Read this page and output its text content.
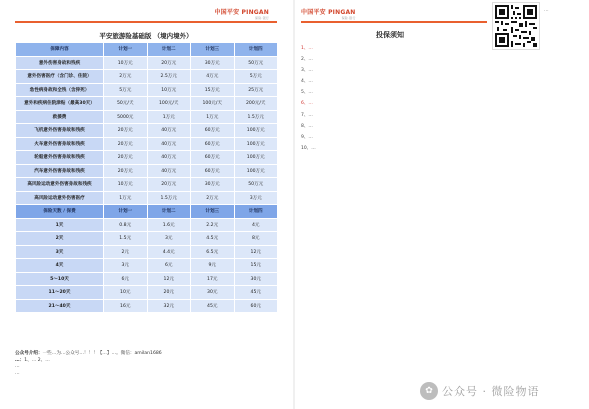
中国平安 PINGAN
保险·银行
平安旅游险基础版 （境内境外）
保障内容	计划一	计划二	计划三	计划四
意外伤害身故和残疾	10万元	20万元	30万元	50万元
意外伤害医疗（含门诊、住院）	2万元	2.5万元	4万元	5万元
急性病身故和全残（含猝死）	5万元	10万元	15万元	25万元
意外和疾病住院津贴（最高30天）	50元/天	100元/天	100元/天	200元/天
救援费	5000元	1万元	1万元	1.5万元
飞机意外伤害身故和残疾	20万元	40万元	60万元	100万元
火车意外伤害身故和残疾	20万元	40万元	60万元	100万元
轮船意外伤害身故和残疾	20万元	40万元	60万元	100万元
汽车意外伤害身故和残疾	20万元	40万元	60万元	100万元
高风险运动意外伤害身故和残疾	10万元	20万元	30万元	50万元
高风险运动意外伤害医疗	1万元	1.5万元	2万元	3万元
保险天数 / 保费	计划一	计划二	计划三	计划四
1天	0.8元	1.6元	2.2元	4元
2天	1.5元	3元	4.5元	8元
3天	2元	4.4元	6.5元	12元
4天	3元	6元	9元	15元
5～10天	6元	12元	17元	30元
11～20天	10元	20元	30元	45元
21～40天	16元	32元	45元	60元
公众号介绍：一些…为…公众号…！！！【…】…。微信：amilan1686
…：1、… 2、…
…
…
中国平安 PINGAN
保险·银行
…
投保须知

1、…

2、…

3、…

4、…

5、…

6、…

7、…

8、…

9、…

10、…

✿ 公众号 · 微险物语
